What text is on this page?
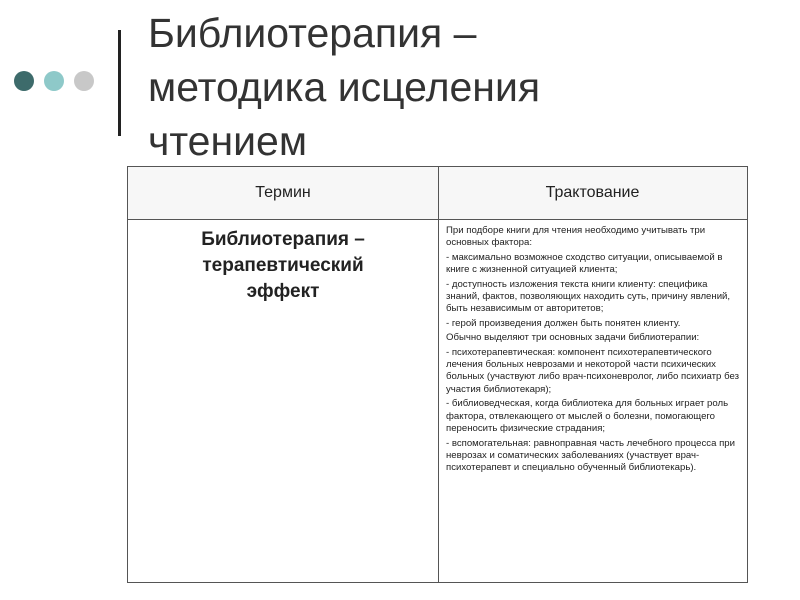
Библиотерапия –
методика исцеления
чтением
Термин	Трактование
Библиотерапия –
терапевтический
эффект

При подборе книги для чтения необходимо учитывать три основных фактора:

- максимально возможное сходство ситуации, описываемой в книге с жизненной ситуацией клиента;

- доступность изложения текста книги клиенту: специфика знаний, фактов, позволяющих находить суть, причину явлений, быть независимым от авторитетов;

- герой произведения должен быть понятен клиенту.

Обычно выделяют три основных задачи библиотерапии:

- психотерапевтическая: компонент психотерапевтического лечения больных неврозами и некоторой части психических больных (участвуют либо врач-психоневролог, либо психиатр без участия библиотекаря);

- библиоведческая, когда библиотека для больных играет роль фактора, отвлекающего от мыслей о болезни, помогающего переносить физические страдания;

- вспомогательная: равноправная часть лечебного процесса при неврозах и соматических заболеваниях (участвует врач-психотерапевт и специально обученный библиотекарь).
